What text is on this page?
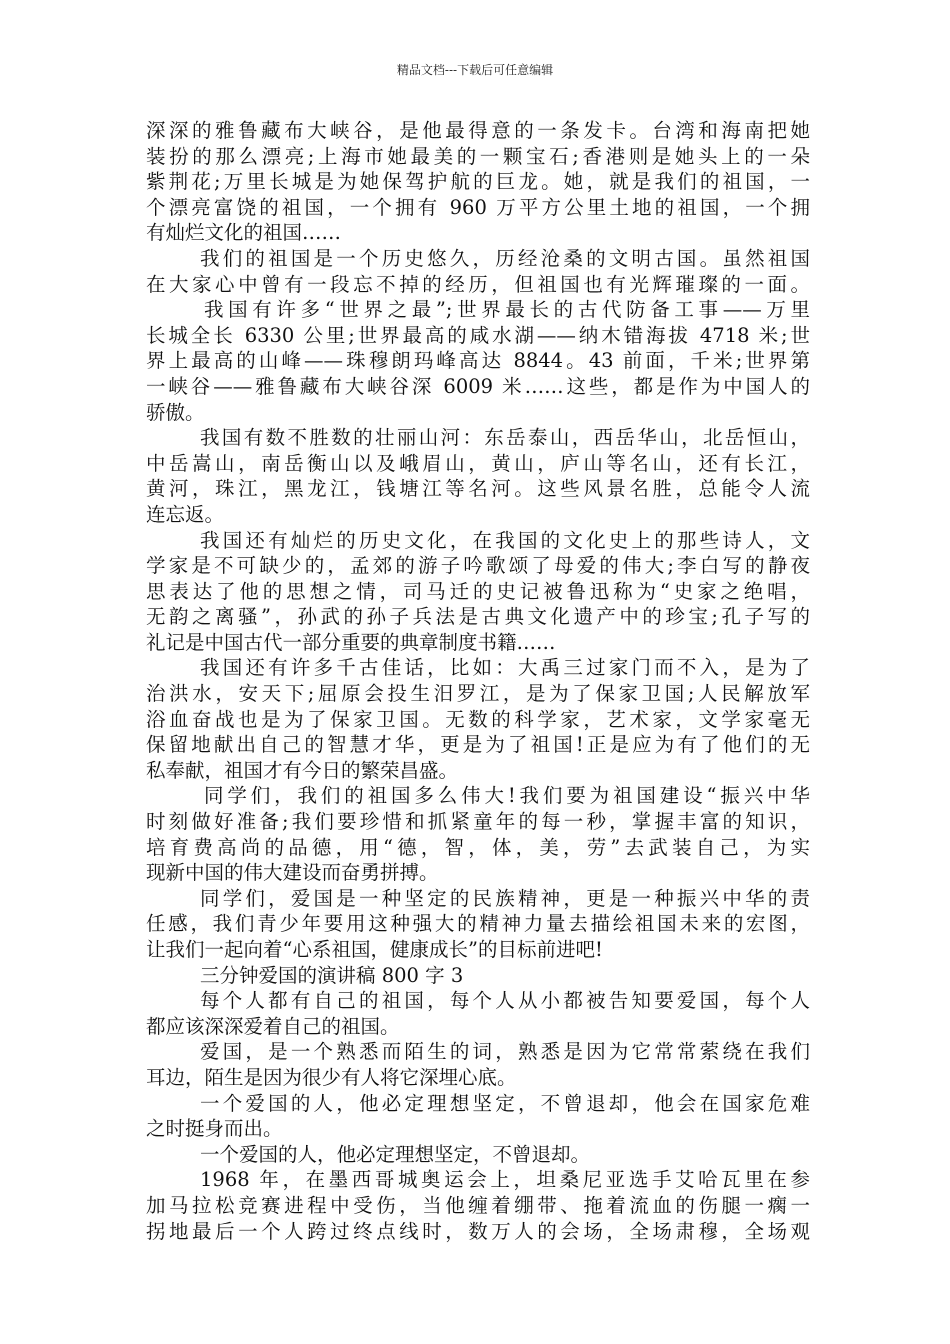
精品文档---下载后可任意编辑
深深的雅鲁藏布大峡谷，是他最得意的一条发卡。台湾和海南把她
装扮的那么漂亮;上海市她最美的一颗宝石;香港则是她头上的一朵
紫荆花;万里长城是为她保驾护航的巨龙。她，就是我们的祖国，一
个漂亮富饶的祖国，一个拥有 960 万平方公里土地的祖国，一个拥
有灿烂文化的祖国……
我们的祖国是一个历史悠久，历经沧桑的文明古国。虽然祖国
在大家心中曾有一段忘不掉的经历，但祖国也有光辉璀璨的一面。
我国有许多“世界之最”;世界最长的古代防备工事——万里
长城全长 6330 公里;世界最高的咸水湖——纳木错海拔 4718 米;世
界上最高的山峰——珠穆朗玛峰高达 8844。43 前面，千米;世界第
一峡谷——雅鲁藏布大峡谷深 6009 米……这些，都是作为中国人的
骄傲。
我国有数不胜数的壮丽山河：东岳泰山，西岳华山，北岳恒山，
中岳嵩山，南岳衡山以及峨眉山，黄山，庐山等名山，还有长江，
黄河，珠江，黑龙江，钱塘江等名河。这些风景名胜，总能令人流
连忘返。
我国还有灿烂的历史文化，在我国的文化史上的那些诗人，文
学家是不可缺少的，孟郊的游子吟歌颂了母爱的伟大;李白写的静夜
思表达了他的思想之情，司马迁的史记被鲁迅称为“史家之绝唱，
无韵之离骚”，孙武的孙子兵法是古典文化遗产中的珍宝;孔子写的
礼记是中国古代一部分重要的典章制度书籍……
我国还有许多千古佳话，比如：大禹三过家门而不入，是为了
治洪水，安天下;屈原会投生汨罗江，是为了保家卫国;人民解放军
浴血奋战也是为了保家卫国。无数的科学家，艺术家，文学家毫无
保留地献出自己的智慧才华，更是为了祖国!正是应为有了他们的无
私奉献，祖国才有今日的繁荣昌盛。
同学们，我们的祖国多么伟大!我们要为祖国建设“振兴中华
时刻做好准备;我们要珍惜和抓紧童年的每一秒，掌握丰富的知识，
培育费高尚的品德，用“德，智，体，美，劳”去武装自己，为实
现新中国的伟大建设而奋勇拼搏。
同学们，爱国是一种坚定的民族精神，更是一种振兴中华的责
任感，我们青少年要用这种强大的精神力量去描绘祖国未来的宏图，
让我们一起向着“心系祖国，健康成长”的目标前进吧!
三分钟爱国的演讲稿 800 字 3
每个人都有自己的祖国，每个人从小都被告知要爱国，每个人
都应该深深爱着自己的祖国。
爱国，是一个熟悉而陌生的词，熟悉是因为它常常萦绕在我们
耳边，陌生是因为很少有人将它深埋心底。
一个爱国的人，他必定理想坚定，不曾退却，他会在国家危难
之时挺身而出。
一个爱国的人，他必定理想坚定，不曾退却。
1968 年，在墨西哥城奥运会上，坦桑尼亚选手艾哈瓦里在参
加马拉松竞赛进程中受伤，当他缠着绷带、拖着流血的伤腿一瘸一
拐地最后一个人跨过终点线时，数万人的会场，全场肃穆，全场观
